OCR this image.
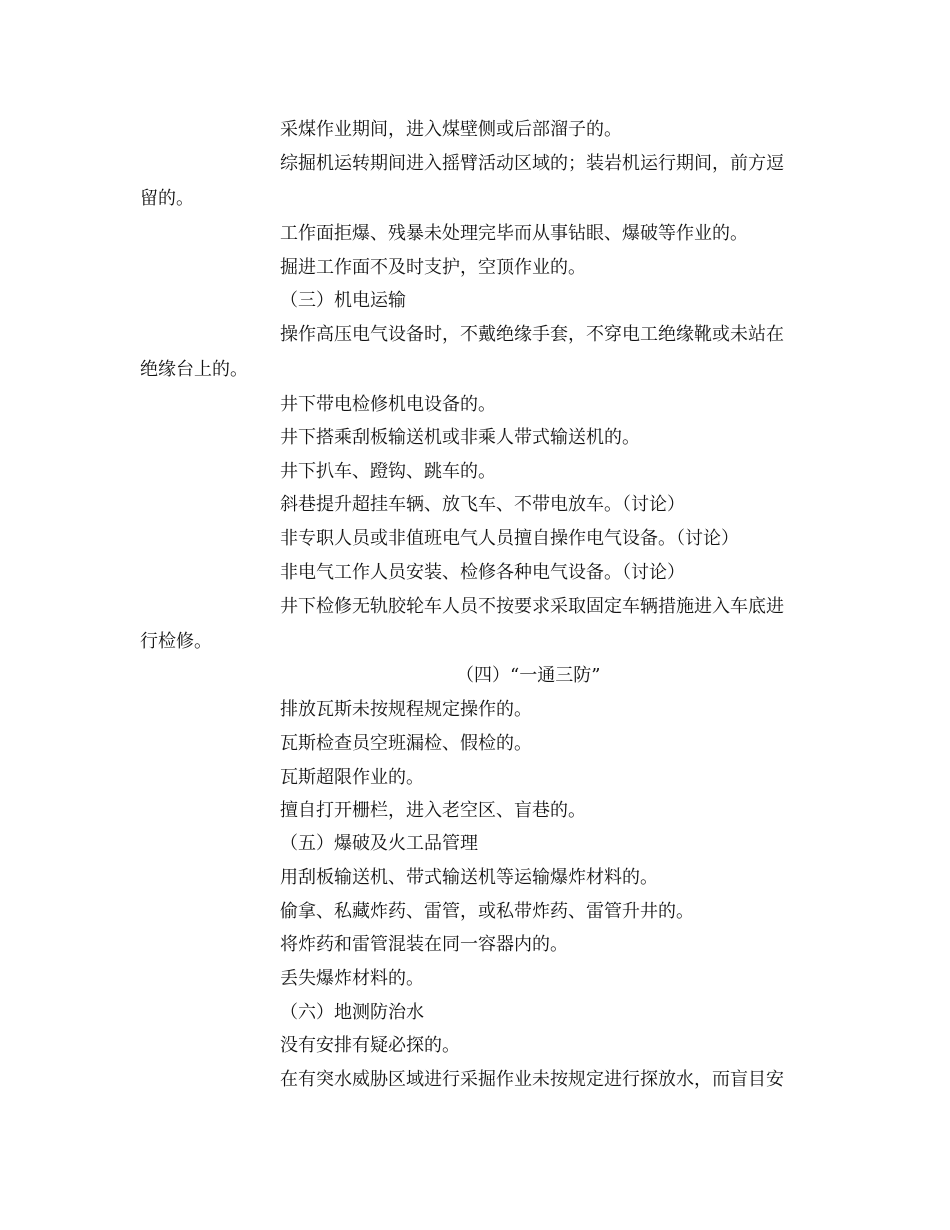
采煤作业期间，进入煤壁侧或后部溜子的。
综掘机运转期间进入摇臂活动区域的；装岩机运行期间，前方逗
留的。
工作面拒爆、残暴未处理完毕而从事钻眼、爆破等作业的。
掘进工作面不及时支护，空顶作业的。
（三）机电运输
操作高压电气设备时，不戴绝缘手套，不穿电工绝缘靴或未站在
绝缘台上的。
井下带电检修机电设备的。
井下搭乘刮板输送机或非乘人带式输送机的。
井下扒车、蹬钩、跳车的。
斜巷提升超挂车辆、放飞车、不带电放车。（讨论）
非专职人员或非值班电气人员擅自操作电气设备。（讨论）
非电气工作人员安装、检修各种电气设备。（讨论）
井下检修无轨胶轮车人员不按要求采取固定车辆措施进入车底进
行检修。
（四）“一通三防”
排放瓦斯未按规程规定操作的。
瓦斯检查员空班漏检、假检的。
瓦斯超限作业的。
擅自打开栅栏，进入老空区、盲巷的。
（五）爆破及火工品管理
用刮板输送机、带式输送机等运输爆炸材料的。
偷拿、私藏炸药、雷管，或私带炸药、雷管升井的。
将炸药和雷管混装在同一容器内的。
丢失爆炸材料的。
（六）地测防治水
没有安排有疑必探的。
在有突水威胁区域进行采掘作业未按规定进行探放水，而盲目安
